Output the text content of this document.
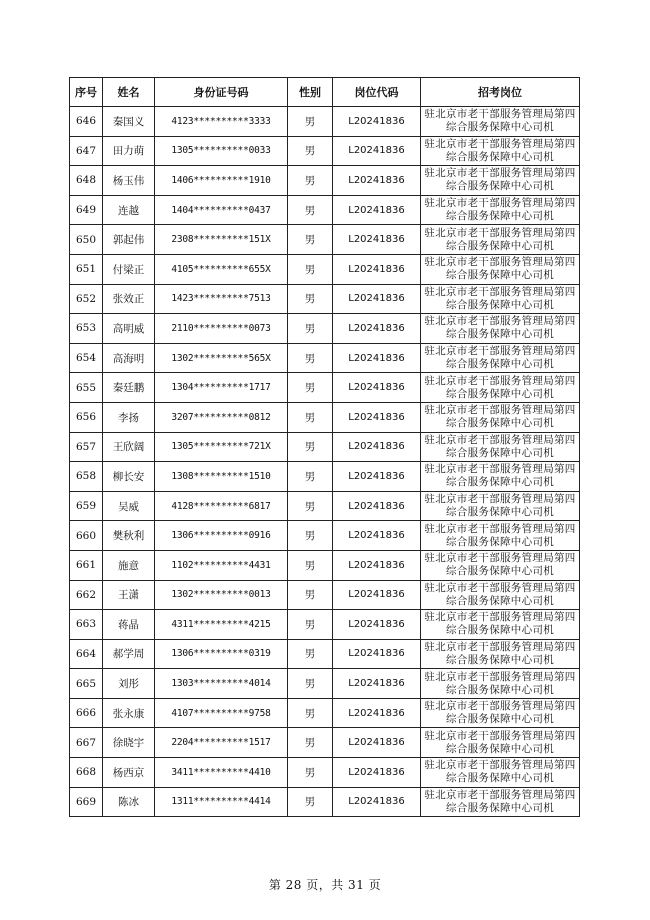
序号	姓名	身份证号码	性别	岗位代码	招考岗位
646	秦国义	4123**********3333	男	L20241836	驻北京市老干部服务管理局第四综合服务保障中心司机
647	田力萌	1305**********0033	男	L20241836	驻北京市老干部服务管理局第四综合服务保障中心司机
648	杨玉伟	1406**********1910	男	L20241836	驻北京市老干部服务管理局第四综合服务保障中心司机
649	连越	1404**********0437	男	L20241836	驻北京市老干部服务管理局第四综合服务保障中心司机
650	郭起伟	2308**********151X	男	L20241836	驻北京市老干部服务管理局第四综合服务保障中心司机
651	付梁正	4105**********655X	男	L20241836	驻北京市老干部服务管理局第四综合服务保障中心司机
652	张效正	1423**********7513	男	L20241836	驻北京市老干部服务管理局第四综合服务保障中心司机
653	高明威	2110**********0073	男	L20241836	驻北京市老干部服务管理局第四综合服务保障中心司机
654	高海明	1302**********565X	男	L20241836	驻北京市老干部服务管理局第四综合服务保障中心司机
655	秦廷鹏	1304**********1717	男	L20241836	驻北京市老干部服务管理局第四综合服务保障中心司机
656	李扬	3207**********0812	男	L20241836	驻北京市老干部服务管理局第四综合服务保障中心司机
657	王欣阔	1305**********721X	男	L20241836	驻北京市老干部服务管理局第四综合服务保障中心司机
658	柳长安	1308**********1510	男	L20241836	驻北京市老干部服务管理局第四综合服务保障中心司机
659	吴威	4128**********6817	男	L20241836	驻北京市老干部服务管理局第四综合服务保障中心司机
660	樊秋利	1306**********0916	男	L20241836	驻北京市老干部服务管理局第四综合服务保障中心司机
661	施意	1102**********4431	男	L20241836	驻北京市老干部服务管理局第四综合服务保障中心司机
662	王潇	1302**********0013	男	L20241836	驻北京市老干部服务管理局第四综合服务保障中心司机
663	蒋晶	4311**********4215	男	L20241836	驻北京市老干部服务管理局第四综合服务保障中心司机
664	郝学周	1306**********0319	男	L20241836	驻北京市老干部服务管理局第四综合服务保障中心司机
665	刘彤	1303**********4014	男	L20241836	驻北京市老干部服务管理局第四综合服务保障中心司机
666	张永康	4107**********9758	男	L20241836	驻北京市老干部服务管理局第四综合服务保障中心司机
667	徐晓宇	2204**********1517	男	L20241836	驻北京市老干部服务管理局第四综合服务保障中心司机
668	杨西京	3411**********4410	男	L20241836	驻北京市老干部服务管理局第四综合服务保障中心司机
669	陈冰	1311**********4414	男	L20241836	驻北京市老干部服务管理局第四综合服务保障中心司机
第 28 页，共 31 页
